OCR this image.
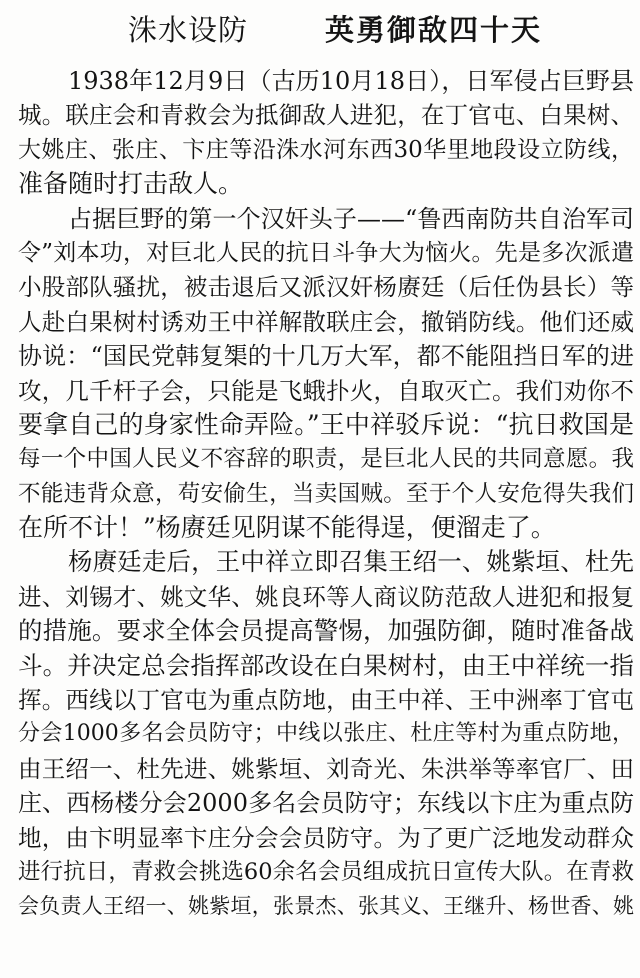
洙水设防	英勇御敌四十天
1938年12月9日（古历10月18日），日军侵占巨野县
城。联庄会和青救会为抵御敌人进犯，在丁官屯、白果树、
大姚庄、张庄、卞庄等沿洙水河东西30华里地段设立防线，
准备随时打击敌人。
占据巨野的第一个汉奸头子——“鲁西南防共自治军司
令”刘本功，对巨北人民的抗日斗争大为恼火。先是多次派遣
小股部队骚扰，被击退后又派汉奸杨赓廷（后任伪县长）等
人赴白果树村诱劝王中祥解散联庄会，撤销防线。他们还威
协说：“国民党韩复榘的十几万大军，都不能阻挡日军的进
攻，几千杆子会，只能是飞蛾扑火，自取灭亡。我们劝你不
要拿自己的身家性命弄险。”王中祥驳斥说：“抗日救国是
每一个中国人民义不容辞的职责，是巨北人民的共同意愿。我
不能违背众意，苟安偷生，当卖国贼。至于个人安危得失我们
在所不计！”杨赓廷见阴谋不能得逞，便溜走了。
杨赓廷走后，王中祥立即召集王绍一、姚紫垣、杜先
进、刘锡才、姚文华、姚良环等人商议防范敌人进犯和报复
的措施。要求全体会员提高警惕，加强防御，随时准备战
斗。并决定总会指挥部改设在白果树村，由王中祥统一指
挥。西线以丁官屯为重点防地，由王中祥、王中洲率丁官屯
分会1000多名会员防守；中线以张庄、杜庄等村为重点防地，
由王绍一、杜先进、姚紫垣、刘奇光、朱洪举等率官厂、田
庄、西杨楼分会2000多名会员防守；东线以卞庄为重点防
地，由卞明显率卞庄分会会员防守。为了更广泛地发动群众
进行抗日，青救会挑选60余名会员组成抗日宣传大队。在青救
会负责人王绍一、姚紫垣，张景杰、张其义、王继升、杨世香、姚
